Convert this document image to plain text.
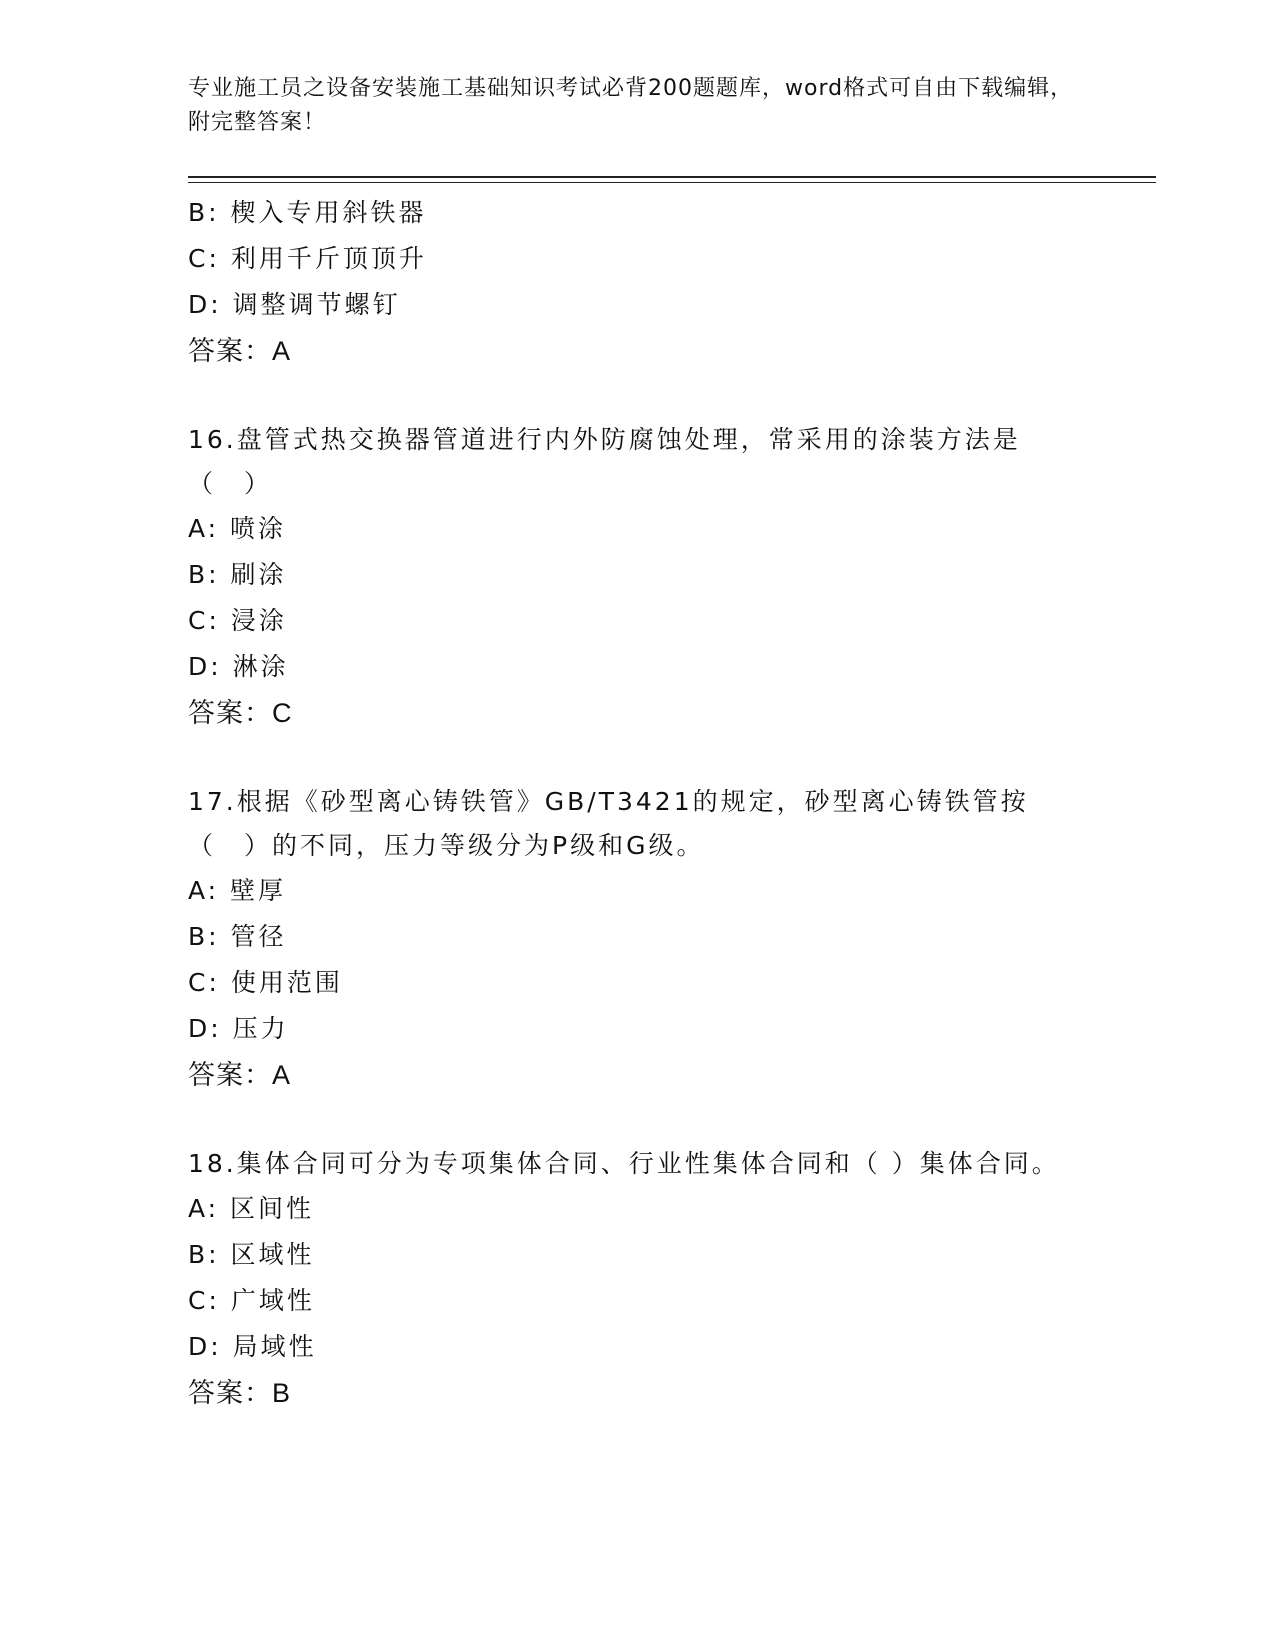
专业施工员之设备安装施工基础知识考试必背200题题库，word格式可自由下载编辑，附完整答案！
B: 楔入专用斜铁器
C: 利用千斤顶顶升
D: 调整调节螺钉
答案：A
16.盘管式热交换器管道进行内外防腐蚀处理，常采用的涂装方法是（　）
A: 喷涂
B: 刷涂
C: 浸涂
D: 淋涂
答案：C
17.根据《砂型离心铸铁管》GB/T3421的规定，砂型离心铸铁管按（　）的不同，压力等级分为P级和G级。
A: 壁厚
B: 管径
C: 使用范围
D: 压力
答案：A
18.集体合同可分为专项集体合同、行业性集体合同和（ ）集体合同。
A: 区间性
B: 区域性
C: 广域性
D: 局域性
答案：B
